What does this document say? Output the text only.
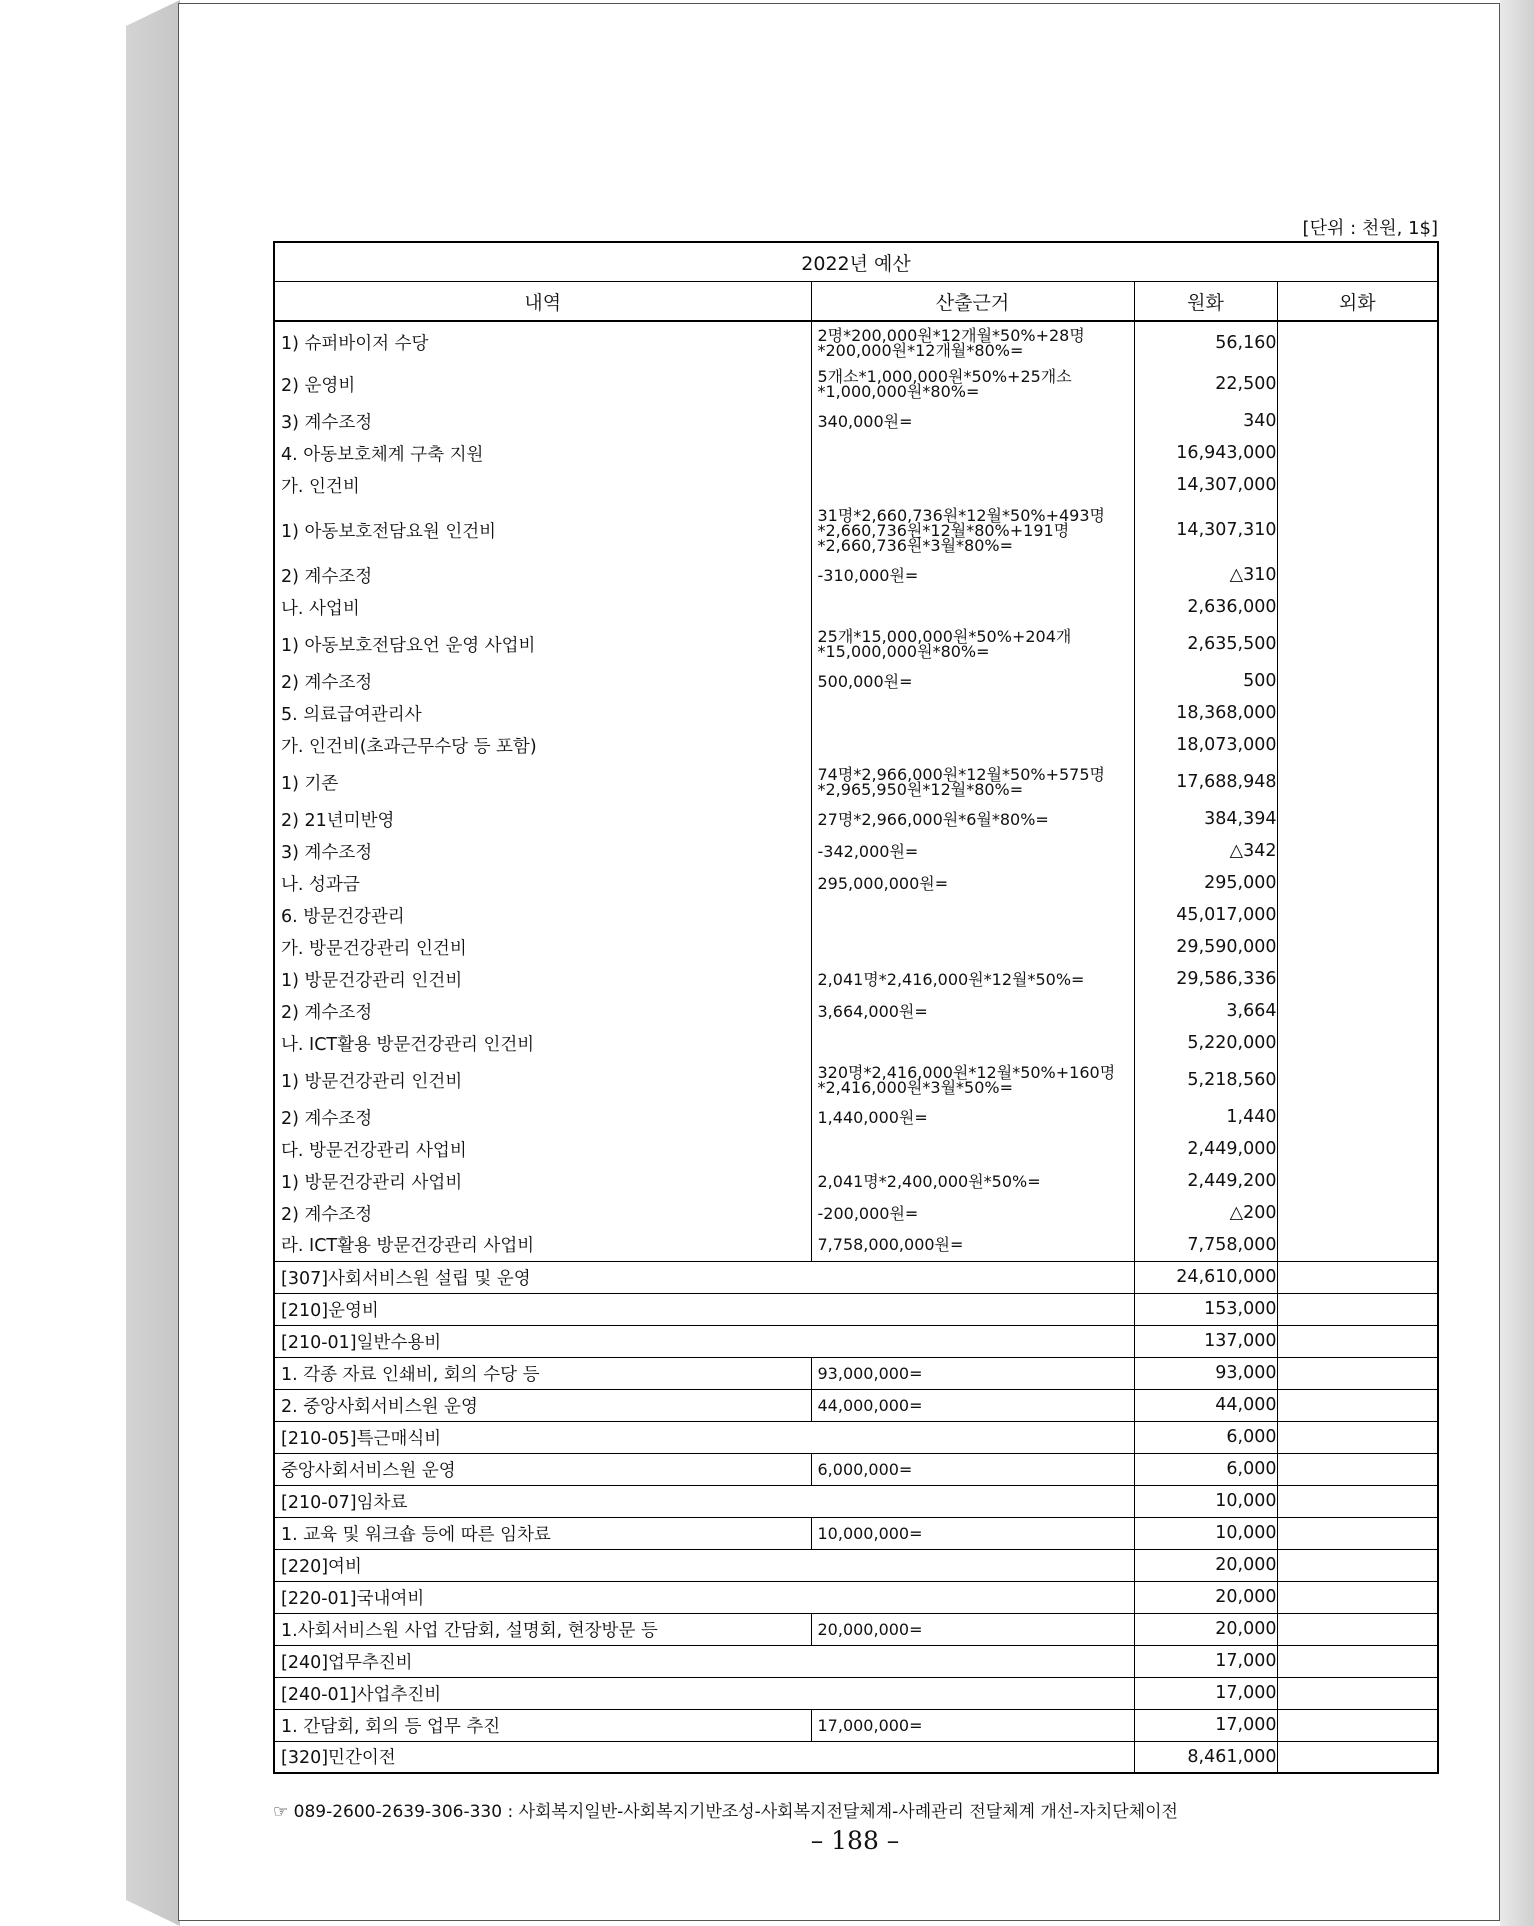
[단위 : 천원, 1$]
2022년 예산			
내역	산출근거	원화	외화
1) 슈퍼바이저 수당	2명*200,000원*12개월*50%+28명*200,000원*12개월*80%=	56,160	
2) 운영비	5개소*1,000,000원*50%+25개소*1,000,000원*80%=	22,500	
3) 계수조정	340,000원=	340	
4. 아동보호체계 구축 지원		16,943,000	
가. 인건비		14,307,000	
1) 아동보호전담요원 인건비	31명*2,660,736원*12월*50%+493명*2,660,736원*12월*80%+191명*2,660,736원*3월*80%=	14,307,310	
2) 계수조정	-310,000원=	△310	
나. 사업비		2,636,000	
1) 아동보호전담요언 운영 사업비	25개*15,000,000원*50%+204개*15,000,000원*80%=	2,635,500	
2) 계수조정	500,000원=	500	
5. 의료급여관리사		18,368,000	
가. 인건비(초과근무수당 등 포함)		18,073,000	
1) 기존	74명*2,966,000원*12월*50%+575명*2,965,950원*12월*80%=	17,688,948	
2) 21년미반영	27명*2,966,000원*6월*80%=	384,394	
3) 계수조정	-342,000원=	△342	
나. 성과금	295,000,000원=	295,000	
6. 방문건강관리		45,017,000	
가. 방문건강관리 인건비		29,590,000	
1) 방문건강관리 인건비	2,041명*2,416,000원*12월*50%=	29,586,336	
2) 계수조정	3,664,000원=	3,664	
나. ICT활용 방문건강관리 인건비		5,220,000	
1) 방문건강관리 인건비	320명*2,416,000원*12월*50%+160명*2,416,000원*3월*50%=	5,218,560	
2) 계수조정	1,440,000원=	1,440	
다. 방문건강관리 사업비		2,449,000	
1) 방문건강관리 사업비	2,041명*2,400,000원*50%=	2,449,200	
2) 계수조정	-200,000원=	△200	
라. ICT활용 방문건강관리 사업비	7,758,000,000원=	7,758,000	
[307]사회서비스원 설립 및 운영		24,610,000	
[210]운영비		153,000	
[210-01]일반수용비		137,000	
1. 각종 자료 인쇄비, 회의 수당 등	93,000,000=	93,000	
2. 중앙사회서비스원 운영	44,000,000=	44,000	
[210-05]특근매식비		6,000	
중앙사회서비스원 운영	6,000,000=	6,000	
[210-07]임차료		10,000	
1. 교육 및 워크숍 등에 따른 임차료	10,000,000=	10,000	
[220]여비		20,000	
[220-01]국내여비		20,000	
1.사회서비스원 사업 간담회, 설명회, 현장방문 등	20,000,000=	20,000	
[240]업무추진비		17,000	
[240-01]사업추진비		17,000	
1. 간담회, 회의 등 업무 추진	17,000,000=	17,000	
[320]민간이전		8,461,000	
☞ 089-2600-2639-306-330 : 사회복지일반-사회복지기반조성-사회복지전달체계-사례관리 전달체계 개선-자치단체이전
– 188 –
